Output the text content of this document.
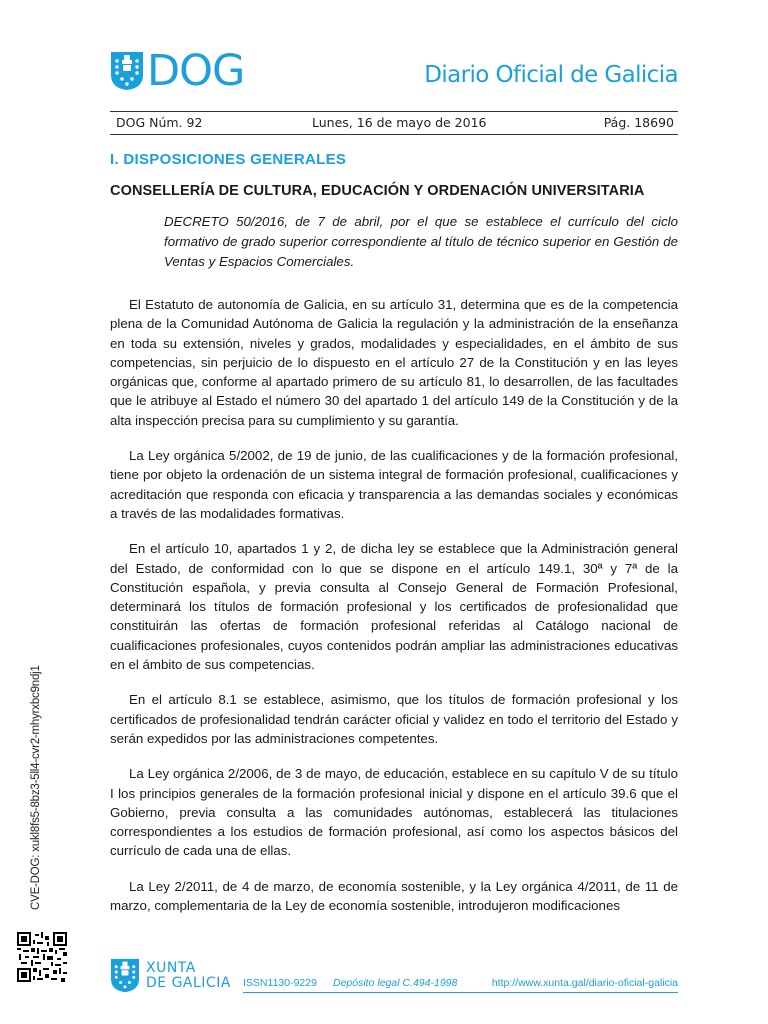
DOG	Diario Oficial de Galicia
DOG Núm. 92	Lunes, 16 de mayo de 2016	Pág. 18690
I. DISPOSICIONES GENERALES
CONSELLERÍA DE CULTURA, EDUCACIÓN Y ORDENACIÓN UNIVERSITARIA

DECRETO 50/2016, de 7 de abril, por el que se establece el currículo del ciclo formativo de grado superior correspondiente al título de técnico superior en Gestión de Ventas y Espacios Comerciales.

El Estatuto de autonomía de Galicia, en su artículo 31, determina que es de la competencia plena de la Comunidad Autónoma de Galicia la regulación y la administración de la enseñanza en toda su extensión, niveles y grados, modalidades y especialidades, en el ámbito de sus competencias, sin perjuicio de lo dispuesto en el artículo 27 de la Constitución y en las leyes orgánicas que, conforme al apartado primero de su artículo 81, lo desarrollen, de las facultades que le atribuye al Estado el número 30 del apartado 1 del artículo 149 de la Constitución y de la alta inspección precisa para su cumplimiento y su garantía.

La Ley orgánica 5/2002, de 19 de junio, de las cualificaciones y de la formación profesional, tiene por objeto la ordenación de un sistema integral de formación profesional, cualificaciones y acreditación que responda con eficacia y transparencia a las demandas sociales y económicas a través de las modalidades formativas.

En el artículo 10, apartados 1 y 2, de dicha ley se establece que la Administración general del Estado, de conformidad con lo que se dispone en el artículo 149.1, 30ª y 7ª de la Constitución española, y previa consulta al Consejo General de Formación Profesional, determinará los títulos de formación profesional y los certificados de profesionalidad que constituirán las ofertas de formación profesional referidas al Catálogo nacional de cualificaciones profesionales, cuyos contenidos podrán ampliar las administraciones educativas en el ámbito de sus competencias.

En el artículo 8.1 se establece, asimismo, que los títulos de formación profesional y los certificados de profesionalidad tendrán carácter oficial y validez en todo el territorio del Estado y serán expedidos por las administraciones competentes.

La Ley orgánica 2/2006, de 3 de mayo, de educación, establece en su capítulo V de su título I los principios generales de la formación profesional inicial y dispone en el artículo 39.6 que el Gobierno, previa consulta a las comunidades autónomas, establecerá las titulaciones correspondientes a los estudios de formación profesional, así como los aspectos básicos del currículo de cada una de ellas.

La Ley 2/2011, de 4 de marzo, de economía sostenible, y la Ley orgánica 4/2011, de 11 de marzo, complementaria de la Ley de economía sostenible, introdujeron modificaciones

CVE-DOG: xukl8fs5-8bz3-5ll4-cvr2-mhyrxbc9ndj1
XUNTA
DE GALICIA ISSN1130-9229 Depósito legal C.494-1998	http://www.xunta.gal/diario-oficial-galicia
